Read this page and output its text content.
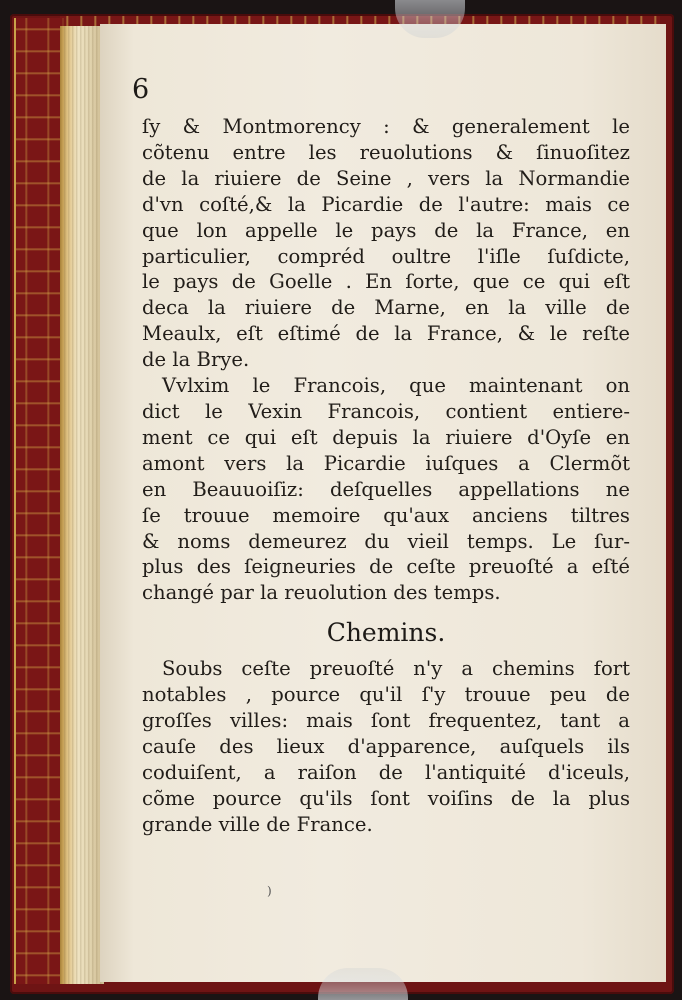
6

ſy & Montmorency : & generalement le
cõtenu entre les reuolutions & ſinuoſitez
de la riuiere de Seine , vers la Normandie
d'vn coſté,& la Picardie de l'autre: mais ce
que lon appelle le pays de la France, en
particulier, compréd oultre l'iſle ſuſdicte,
le pays de Goelle . En ſorte, que ce qui eſt
deca la riuiere de Marne, en la ville de
Meaulx, eſt eſtimé de la France, & le reſte
de la Brye.

Vvlxim le Francois, que maintenant on
dict le Vexin Francois, contient entiere-
ment ce qui eſt depuis la riuiere d'Oyſe en
amont vers la Picardie iuſques a Clermõt
en Beauuoiſiz: deſquelles appellations ne
ſe trouue memoire qu'aux anciens tiltres
& noms demeurez du vieil temps. Le ſur-
plus des ſeigneuries de ceſte preuoſté a eſté
changé par la reuolution des temps.

Chemins.

Soubs ceſte preuoſté n'y a chemins fort
notables , pource qu'il ſ'y trouue peu de
groſſes villes: mais ſont frequentez, tant a
cauſe des lieux d'apparence, auſquels ils
coduiſent, a raiſon de l'antiquité d'iceuls,
cõme pource qu'ils ſont voiſins de la plus
grande ville de France.

)
